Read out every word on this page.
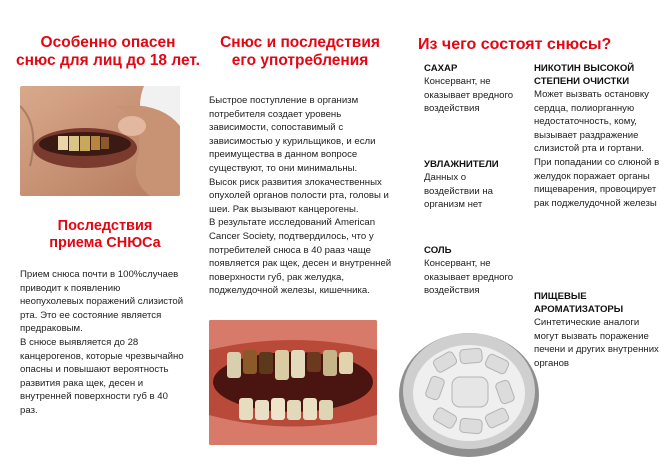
Особенно опасен
снюс для лиц до 18 лет.
Последствия
приема СНЮСа
Прием снюса почти в 100%случаев приводит к появлению неопухолевых поражений слизистой рта. Это ее состояние является предраковым.
В снюсе выявляется до 28 канцерогенов, которые чрезвычайно опасны и повышают вероятность развития рака щек, десен и внутренней поверхности губ в 40 раз.
Снюс и последствия
его употребления
Быстрое поступление в организм потребителя создает уровень зависимости, сопоставимый с зависимостью у курильщиков, и если преимущества в данном вопросе существуют, то они минимальны.
Высок риск развития злокачественных опухолей органов полости рта, головы и шеи. Рак вызывают канцерогены.
В результате исследований American Cancer Society, подтвердилось, что у потребителей снюса в 40 рааз чаще появляется рак щек, десен и внутренней поверхности губ, рак желудка, поджелудочной железы, кишечника.
Из чего состоят снюсы?
САХАР
Консервант, не оказывает вредного воздействия
УВЛАЖНИТЕЛИ
Данных о воздействии на организм нет
СОЛЬ
Консервант, не оказывает вредного воздействия
НИКОТИН ВЫСОКОЙ СТЕПЕНИ ОЧИСТКИ
Может вызвать остановку сердца, полиорганную недостаточность, кому, вызывает раздражение слизистой рта и гортани. При попадании со слюной в желудок поражает органы пищеварения, провоцирует рак поджелудочной железы
ПИЩЕВЫЕ АРОМАТИЗАТОРЫ
Синтетические аналоги могут вызвать поражение печени и других внутренних органов
